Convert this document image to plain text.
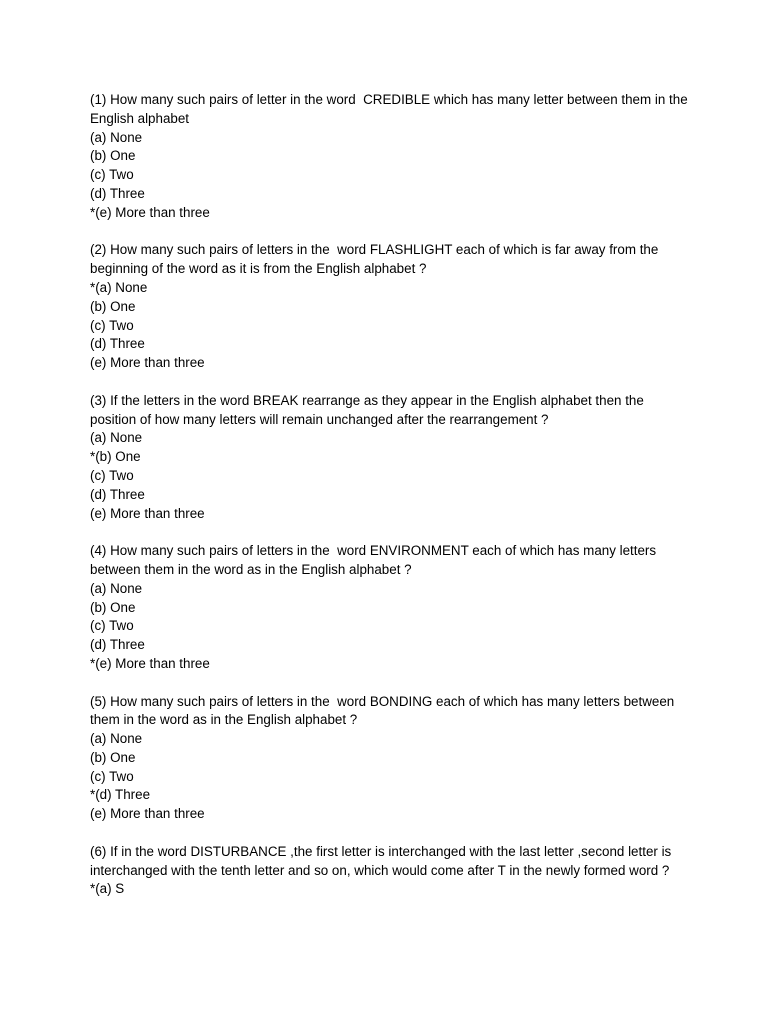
(1) How many such pairs of letter in the word  CREDIBLE which has many letter between them in the  English alphabet
(a) None
(b) One
(c) Two
(d) Three
*(e) More than three
(2) How many such pairs of letters in the  word FLASHLIGHT each of which is far away from the beginning of the word as it is from the English alphabet ?
*(a) None
(b) One
(c) Two
(d) Three
(e) More than three
(3) If the letters in the word BREAK rearrange as they appear in the English alphabet then the position of how many letters will remain unchanged after the rearrangement ?
(a) None
*(b) One
(c) Two
(d) Three
(e) More than three
(4) How many such pairs of letters in the  word ENVIRONMENT each of which has many letters between them in the word as in the English alphabet ?
(a) None
(b) One
(c) Two
(d) Three
*(e) More than three
(5) How many such pairs of letters in the  word BONDING each of which has many letters between them in the word as in the English alphabet ?
(a) None
(b) One
(c) Two
*(d) Three
(e) More than three
(6) If in the word DISTURBANCE ,the first letter is interchanged with the last letter ,second letter is interchanged with the tenth letter and so on, which would come after T in the newly formed word ?
*(a) S
